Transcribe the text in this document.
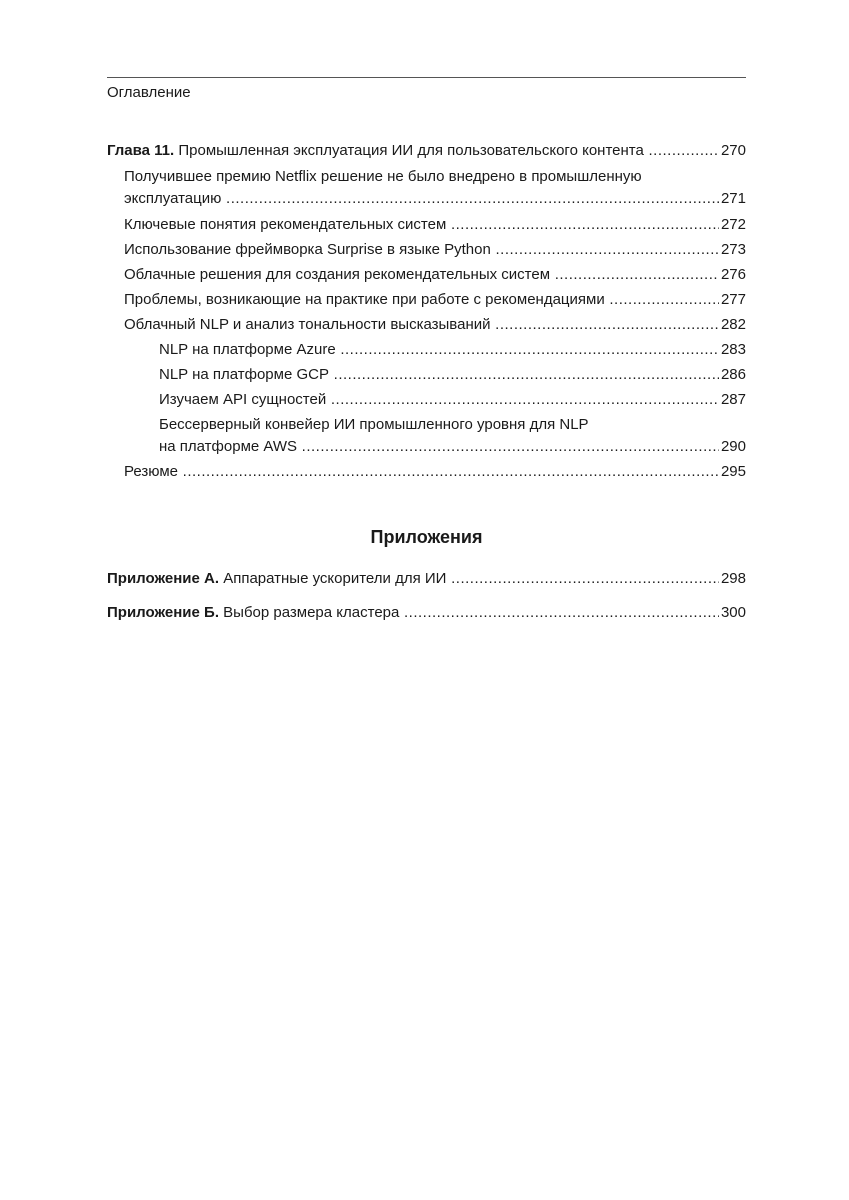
Оглавление
Глава 11. Промышленная эксплуатация ИИ для пользовательского контента .....	270
Получившее премию Netflix решение не было внедрено в промышленную
эксплуатацию .....	271
Ключевые понятия рекомендательных систем .....	272
Использование фреймворка Surprise в языке Python .....	273
Облачные решения для создания рекомендательных систем .....	276
Проблемы, возникающие на практике при работе с рекомендациями .....	277
Облачный NLP и анализ тональности высказываний .....	282
NLP на платформе Azure .....	283
NLP на платформе GCP .....	286
Изучаем API сущностей .....	287
Бессерверный конвейер ИИ промышленного уровня для NLP
на платформе AWS .....	290
Резюме .....	295
Приложения
Приложение А. Аппаратные ускорители для ИИ .....	298
Приложение Б. Выбор размера кластера .....	300
